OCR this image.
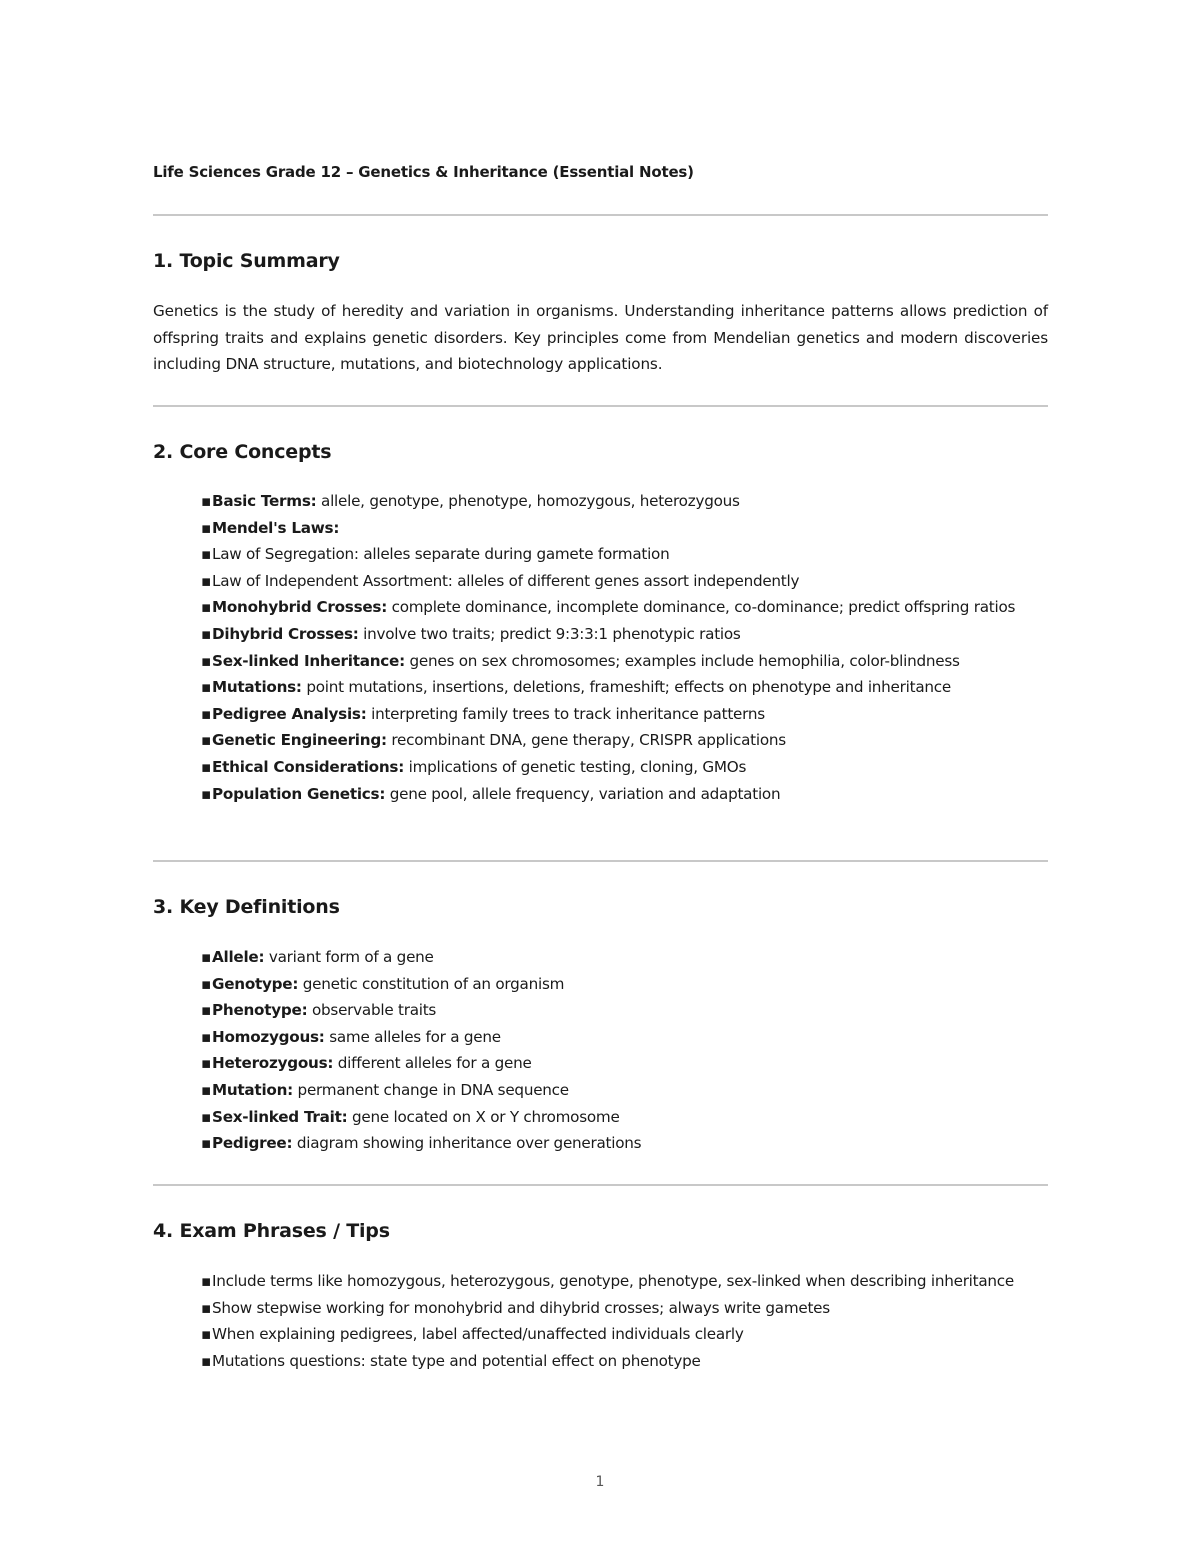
Life Sciences Grade 12 – Genetics & Inheritance (Essential Notes)
1. Topic Summary

Genetics is the study of heredity and variation in organisms. Understanding inheritance patterns allows prediction of offspring traits and explains genetic disorders. Key principles come from Mendelian genetics and modern discoveries including DNA structure, mutations, and biotechnology applications.

2. Core Concepts
▪ Basic Terms: allele, genotype, phenotype, homozygous, heterozygous
▪ Mendel's Laws:
▪ Law of Segregation: alleles separate during gamete formation
▪ Law of Independent Assortment: alleles of different genes assort independently
▪ Monohybrid Crosses: complete dominance, incomplete dominance, co-dominance; predict offspring ratios
▪ Dihybrid Crosses: involve two traits; predict 9:3:3:1 phenotypic ratios
▪ Sex-linked Inheritance: genes on sex chromosomes; examples include hemophilia, color-blindness
▪ Mutations: point mutations, insertions, deletions, frameshift; effects on phenotype and inheritance
▪ Pedigree Analysis: interpreting family trees to track inheritance patterns
▪ Genetic Engineering: recombinant DNA, gene therapy, CRISPR applications
▪ Ethical Considerations: implications of genetic testing, cloning, GMOs
▪ Population Genetics: gene pool, allele frequency, variation and adaptation
3. Key Definitions
▪ Allele: variant form of a gene
▪ Genotype: genetic constitution of an organism
▪ Phenotype: observable traits
▪ Homozygous: same alleles for a gene
▪ Heterozygous: different alleles for a gene
▪ Mutation: permanent change in DNA sequence
▪ Sex-linked Trait: gene located on X or Y chromosome
▪ Pedigree: diagram showing inheritance over generations
4. Exam Phrases / Tips
▪ Include terms like homozygous, heterozygous, genotype, phenotype, sex-linked when describing inheritance
▪ Show stepwise working for monohybrid and dihybrid crosses; always write gametes
▪ When explaining pedigrees, label affected/unaffected individuals clearly
▪ Mutations questions: state type and potential effect on phenotype
1
